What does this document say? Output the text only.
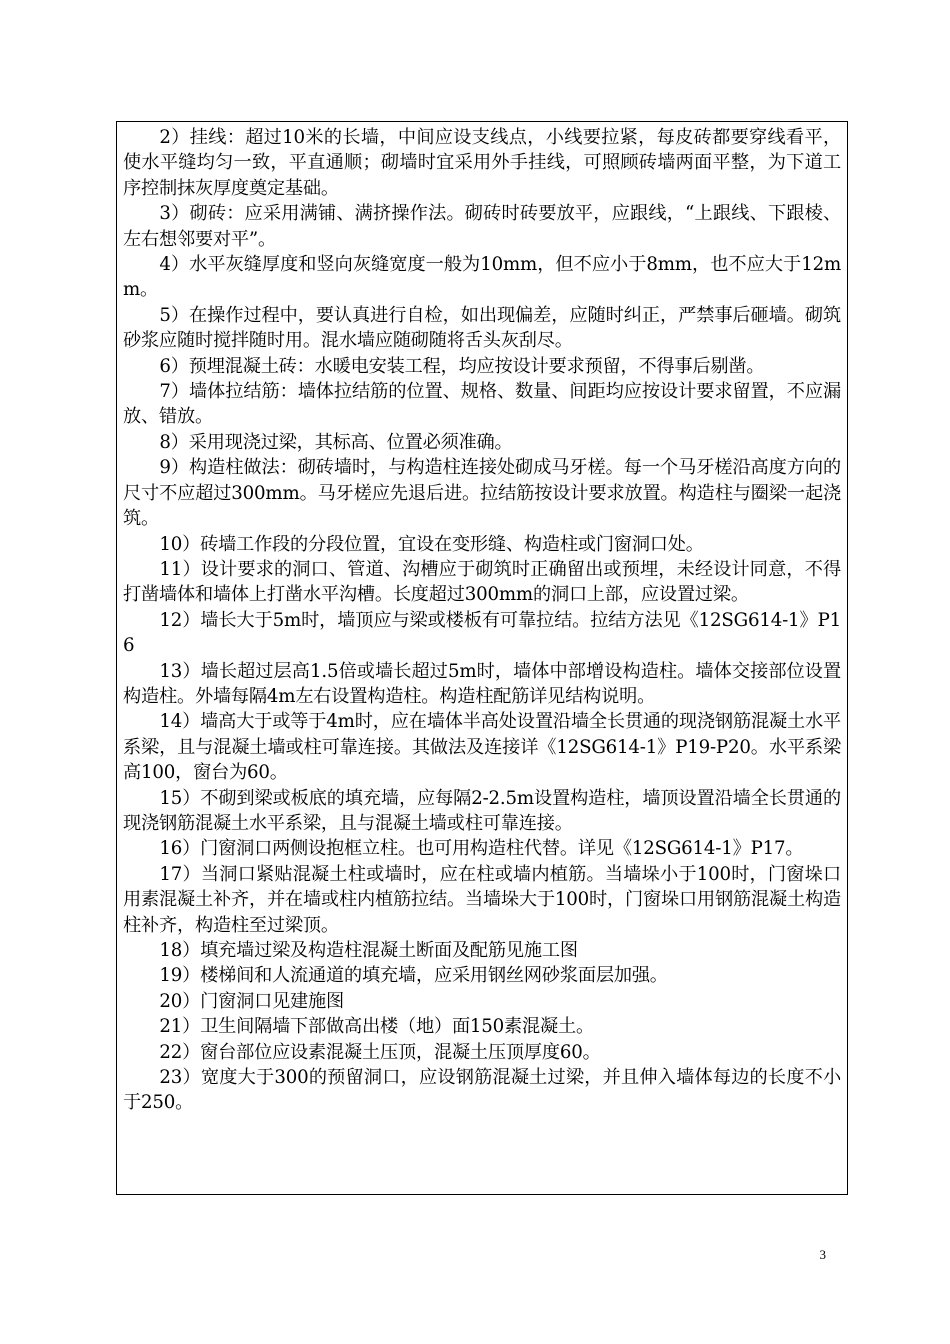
2）挂线：超过10米的长墙，中间应设支线点，小线要拉紧，每皮砖都要穿线看平，使水平缝均匀一致，平直通顺；砌墙时宜采用外手挂线，可照顾砖墙两面平整，为下道工序控制抹灰厚度奠定基础。

3）砌砖：应采用满铺、满挤操作法。砌砖时砖要放平，应跟线，“上跟线、下跟棱、左右想邻要对平”。

4）水平灰缝厚度和竖向灰缝宽度一般为10mm，但不应小于8mm，也不应大于12mm。

5）在操作过程中，要认真进行自检，如出现偏差，应随时纠正，严禁事后砸墙。砌筑砂浆应随时搅拌随时用。混水墙应随砌随将舌头灰刮尽。

6）预埋混凝土砖：水暖电安装工程，均应按设计要求预留，不得事后剔凿。

7）墙体拉结筋：墙体拉结筋的位置、规格、数量、间距均应按设计要求留置，不应漏放、错放。

8）采用现浇过梁，其标高、位置必须准确。

9）构造柱做法：砌砖墙时，与构造柱连接处砌成马牙槎。每一个马牙槎沿高度方向的尺寸不应超过300mm。马牙槎应先退后进。拉结筋按设计要求放置。构造柱与圈梁一起浇筑。

10）砖墙工作段的分段位置，宜设在变形缝、构造柱或门窗洞口处。

11）设计要求的洞口、管道、沟槽应于砌筑时正确留出或预埋，未经设计同意，不得打凿墙体和墙体上打凿水平沟槽。长度超过300mm的洞口上部，应设置过梁。

12）墙长大于5m时，墙顶应与梁或楼板有可靠拉结。拉结方法见《12SG614-1》P16

13）墙长超过层高1.5倍或墙长超过5m时，墙体中部增设构造柱。墙体交接部位设置构造柱。外墙每隔4m左右设置构造柱。构造柱配筋详见结构说明。

14）墙高大于或等于4m时，应在墙体半高处设置沿墙全长贯通的现浇钢筋混凝土水平系梁，且与混凝土墙或柱可靠连接。其做法及连接详《12SG614-1》P19-P20。水平系梁高100，窗台为60。

15）不砌到梁或板底的填充墙，应每隔2-2.5m设置构造柱，墙顶设置沿墙全长贯通的现浇钢筋混凝土水平系梁，且与混凝土墙或柱可靠连接。

16）门窗洞口两侧设抱框立柱。也可用构造柱代替。详见《12SG614-1》P17。

17）当洞口紧贴混凝土柱或墙时，应在柱或墙内植筋。当墙垛小于100时，门窗垛口用素混凝土补齐，并在墙或柱内植筋拉结。当墙垛大于100时，门窗垛口用钢筋混凝土构造柱补齐，构造柱至过梁顶。

18）填充墙过梁及构造柱混凝土断面及配筋见施工图

19）楼梯间和人流通道的填充墙，应采用钢丝网砂浆面层加强。

20）门窗洞口见建施图

21）卫生间隔墙下部做高出楼（地）面150素混凝土。

22）窗台部位应设素混凝土压顶，混凝土压顶厚度60。

23）宽度大于300的预留洞口，应设钢筋混凝土过梁，并且伸入墙体每边的长度不小于250。

3
